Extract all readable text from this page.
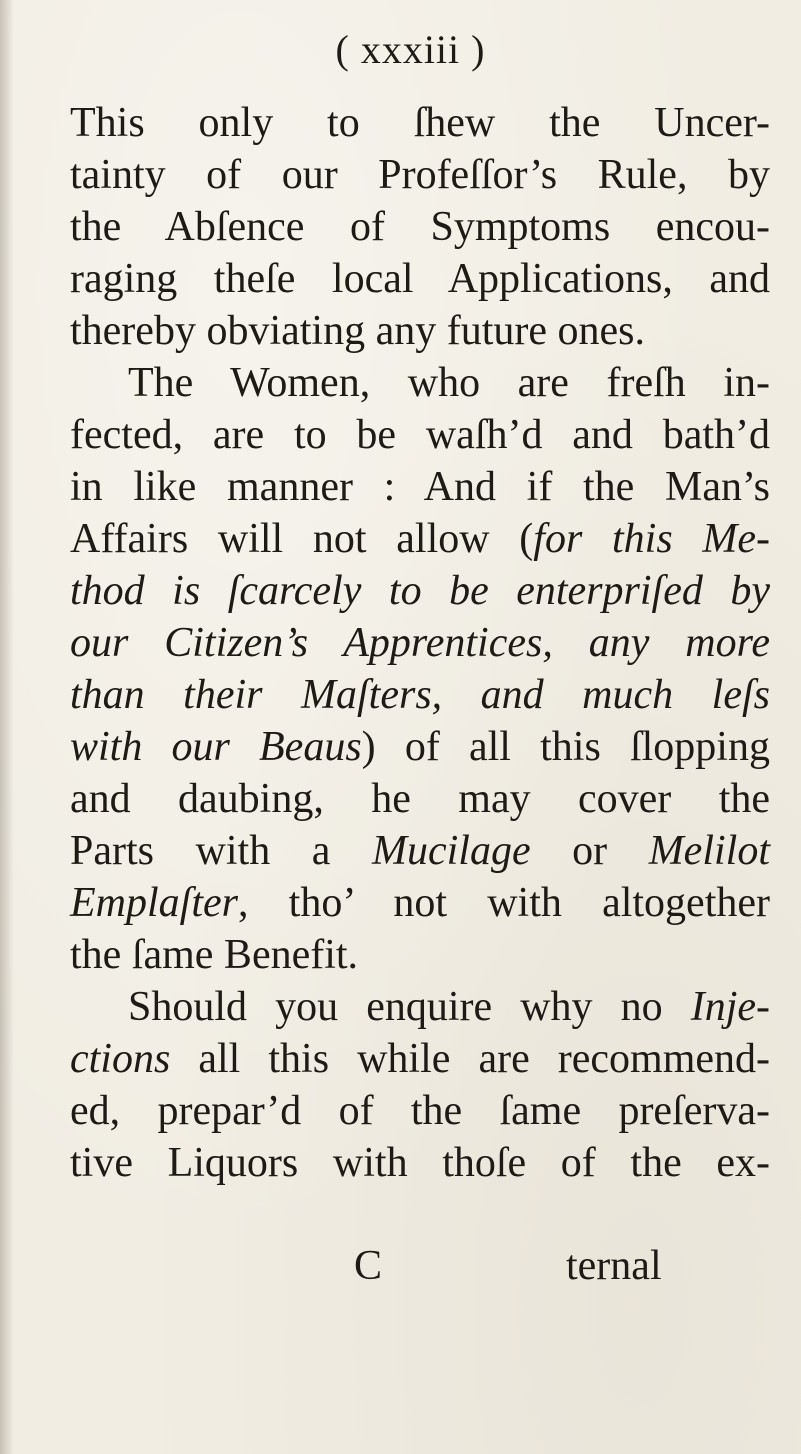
( xxxiii )
This only to ſhew the Uncer-
tainty of our Profeſſor’s Rule, by
the Abſence of Symptoms encou-
raging theſe local Applications, and
thereby obviating any future ones.
The Women, who are freſh in-
fected, are to be waſh’d and bath’d
in like manner : And if the Man’s
Affairs will not allow (for this Me-
thod is ſcarcely to be enterpriſed by
our Citizen’s Apprentices, any more
than their Maſters, and much leſs
with our Beaus) of all this ſlopping
and daubing, he may cover the
Parts with a Mucilage or Melilot
Emplaſter, tho’ not with altogether
the ſame Benefit.
Should you enquire why no Inje-
ctions all this while are recommend-
ed, prepar’d of the ſame preſerva-
tive Liquors with thoſe of the ex-
C	ternal
